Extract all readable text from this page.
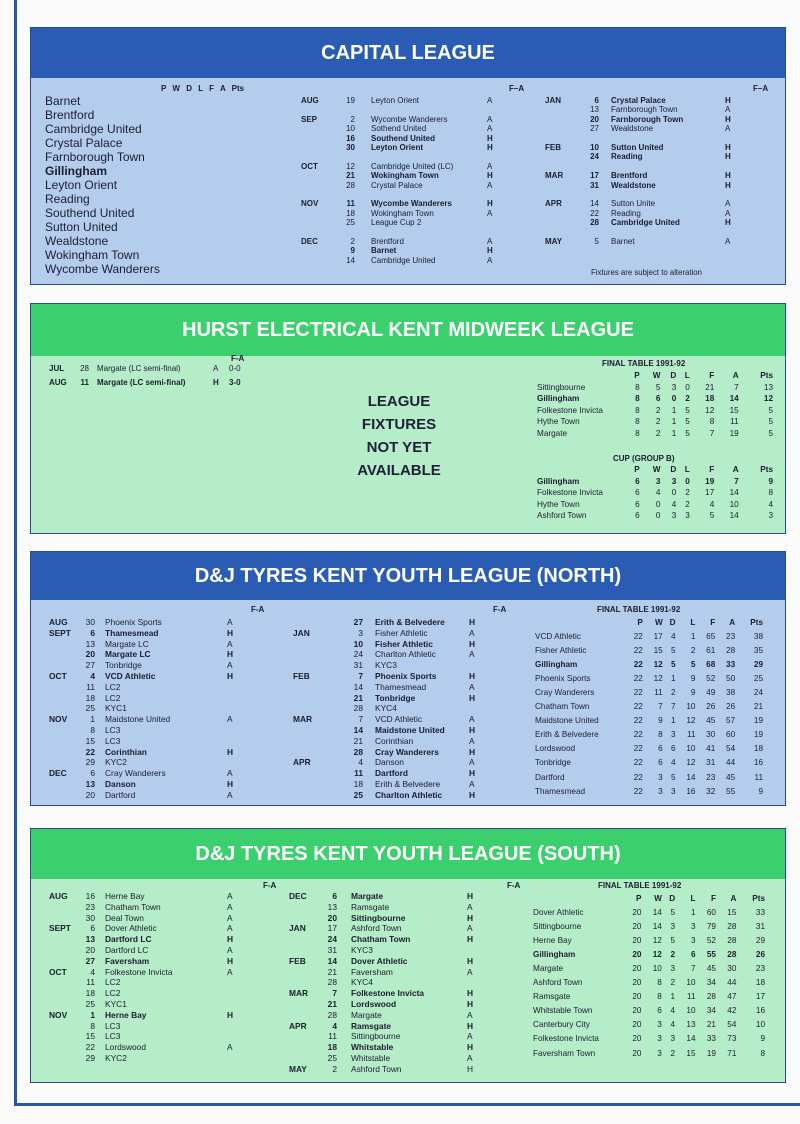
CAPITAL LEAGUE
P W D L F A Pts	F–A	F–A
Barnet
Brentford
Cambridge United
Crystal Palace
Farnborough Town
Gillingham
Leyton Orient
Reading
Southend United
Sutton United
Wealdstone
Wokingham Town
Wycombe Wanderers
AUG	19 Leyton Orient	A
SEP	2 Wycombe Wanderers	A
10 Sothend United	A
16 Southend United	H
30 Leyton Orient	H
OCT	12 Cambridge United (LC)	A
21 Wokingham Town	H
28 Crystal Palace	A
NOV	11 Wycombe Wanderers	H
18 Wokingham Town	A
25 League Cup 2
DEC	2 Brentford	A
9 Barnet	H
14 Cambridge United	A
JAN	6 Crystal Palace	H
13 Farnborough Town	A
20 Farnborough Town	H
27 Wealdstone	A
FEB	10 Sutton United	H
24 Reading	H
MAR	17 Brentford	H
31 Wealdstone	H
APR	14 Sutton Unite	A
22 Reading	A
28 Cambridge United	H
MAY	5 Barnet	A
Fixtures are subject to alteration
HURST ELECTRICAL KENT MIDWEEK LEAGUE
F-A
JUL	28 Margate (LC semi-final)	A 0-0
AUG	11 Margate (LC semi-final)	H 3-0
LEAGUE
FIXTURES
NOT YET
AVAILABLE
FINAL TABLE 1991-92
	P	W	D	L	F	A	Pts
Sittingbourne	8	5	3	0	21	7	13
Gillingham	8	6	0	2	18	14	12
Folkestone Invicta	8	2	1	5	12	15	5
Hythe Town	8	2	1	5	8	11	5
Margate	8	2	1	5	7	19	5
CUP (GROUP B)
	P	W	D	L	F	A	Pts
Gillingham	6	3	3	0	19	7	9
Folkestone Invicta	6	4	0	2	17	14	8
Hythe Town	6	0	4	2	4	10	4
Ashford Town	6	0	3	3	5	14	3
D&J TYRES KENT YOUTH LEAGUE (NORTH)
F-A	F-A
AUG	30 Phoenix Sports	A
SEPT	6 Thamesmead	H
13 Margate LC	A
20 Margate LC	H
27 Tonbridge	A
OCT	4 VCD Athletic	H
11 LC2
18 LC2
25 KYC1
NOV	1 Maidstone United	A
8 LC3
15 LC3
22 Corinthian	H
29 KYC2
DEC	6 Cray Wanderers	A
13 Danson	H
20 Dartford	A
27 Erith & Belvedere	H
JAN	3 Fisher Athletic	A
10 Fisher Athletic	H
24 Charlton Athletic	A
31 KYC3
FEB	7 Phoenix Sports	H
14 Thamesmead	A
21 Tonbridge	H
28 KYC4
MAR	7 VCD Athletic	A
14 Maidstone United	H
21 Corinthian	A
28 Cray Wanderers	H
APR	4 Danson	A
11 Dartford	H
18 Erith & Belvedere	A
25 Charlton Athletic	H
FINAL TABLE 1991-92
	P	W	D	L	F	A	Pts
VCD Athletic	22	17	4	1	65	23	38
Fisher Athletic	22	15	5	2	61	28	35
Gillingham	22	12	5	5	68	33	29
Phoenix Sports	22	12	1	9	52	50	25
Cray Wanderers	22	11	2	9	49	38	24
Chatham Town	22	7	7	10	26	26	21
Maidstone United	22	9	1	12	45	57	19
Erith & Belvedere	22	8	3	11	30	60	19
Lordswood	22	6	6	10	41	54	18
Tonbridge	22	6	4	12	31	44	16
Dartford	22	3	5	14	23	45	11
Thamesmead	22	3	3	16	32	55	9
D&J TYRES KENT YOUTH LEAGUE (SOUTH)
F-A	F-A
AUG	16 Herne Bay	A
23 Chatham Town	A
30 Deal Town	A
SEPT	6 Dover Athletic	A
13 Dartford LC	H
20 Dartford LC	A
27 Faversham	H
OCT	4 Folkestone Invicta	A
11 LC2
18 LC2
25 KYC1
NOV	1 Herne Bay	H
8 LC3
15 LC3
22 Lordswood	A
29 KYC2
DEC	6 Margate	H
13 Ramsgate	A
20 Sittingbourne	H
JAN	17 Ashford Town	A
24 Chatham Town	H
31 KYC3
FEB	14 Dover Athletic	H
21 Faversham	A
28 KYC4
MAR	7 Folkestone Invicta	H
21 Lordswood	H
28 Margate	A
APR	4 Ramsgate	H
11 Sittingbourne	A
18 Whitstable	H
25 Whitstable	A
MAY	2 Ashford Town	H
FINAL TABLE 1991-92
	P	W	D	L	F	A	Pts
Dover Athletic	20	14	5	1	60	15	33
Sittingbourne	20	14	3	3	79	28	31
Herne Bay	20	12	5	3	52	28	29
Gillingham	20	12	2	6	55	28	26
Margate	20	10	3	7	45	30	23
Ashford Town	20	8	2	10	34	44	18
Ramsgate	20	8	1	11	28	47	17
Whitstable Town	20	6	4	10	34	42	16
Canterbury City	20	3	4	13	21	54	10
Folkestone Invicta	20	3	3	14	33	73	9
Faversham Town	20	3	2	15	19	71	8
